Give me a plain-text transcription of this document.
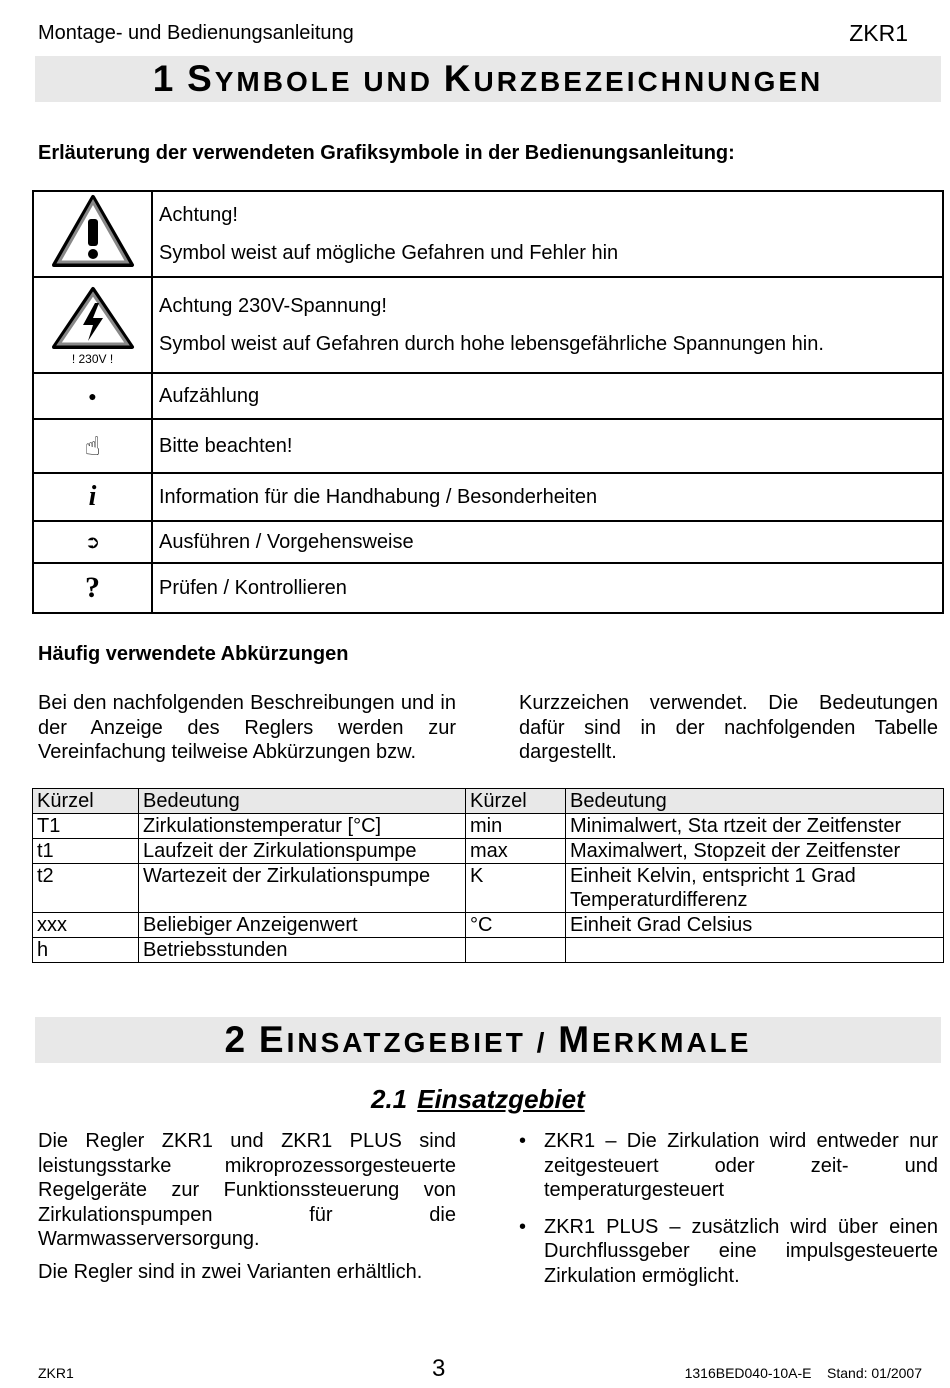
Montage- und Bedienungsanleitung	ZKR1
1 SYMBOLE UND KURZBEZEICHNUNGEN
Erläuterung der verwendeten Grafiksymbole in der Bedienungsanleitung:

Achtung!
Symbol weist auf mögliche Gefahren und Fehler hin

! 230V !	Achtung 230V-Spannung!
Symbol weist auf Gefahren durch hohe lebensgefährliche Spannungen hin.

●	Aufzählung

☝	Bitte beachten!

i	Information für die Handhabung / Besonderheiten

➲	Ausführen / Vorgehensweise

?	Prüfen / Kontrollieren
Häufig verwendete Abkürzungen
Bei den nachfolgenden Beschreibungen und in der Anzeige des Reglers werden zur Vereinfachung teilweise Abkürzungen bzw.
Kurzzeichen verwendet. Die Bedeutungen dafür sind in der nachfolgenden Tabelle dargestellt.
Kürzel	Bedeutung	Kürzel	Bedeutung
T1	Zirkulationstemperatur [°C]	min	Minimalwert, Sta rtzeit der Zeitfenster
t1	Laufzeit der Zirkulationspumpe	max	Maximalwert, Stopzeit der Zeitfenster
t2	Wartezeit der Zirkulationspumpe	K	Einheit Kelvin, entspricht 1 Grad Temperaturdifferenz
xxx	Beliebiger Anzeigenwert	°C	Einheit Grad Celsius
h	Betriebsstunden		
2 EINSATZGEBIET / MERKMALE
2.1 Einsatzgebiet

Die Regler ZKR1 und ZKR1 PLUS sind leistungsstarke mikroprozessorgesteuerte Regelgeräte zur Funktionssteuerung von Zirkulationspumpen für die Warmwasserversorgung.

Die Regler sind in zwei Varianten erhältlich.

• ZKR1 – Die Zirkulation wird entweder nur zeitgesteuert oder zeit- und temperaturgesteuert
• ZKR1 PLUS – zusätzlich wird über einen Durchflussgeber eine impulsgesteuerte Zirkulation ermöglicht.
ZKR1	3	1316BED040-10A-E    Stand: 01/2007
